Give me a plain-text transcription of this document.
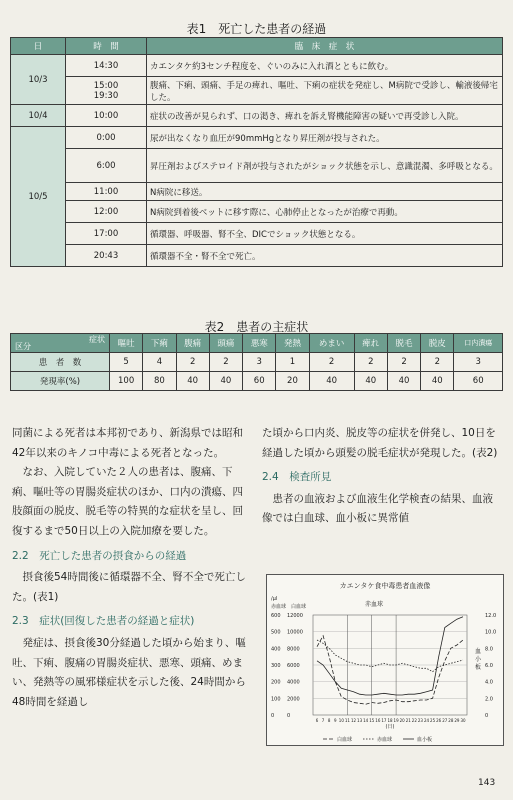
表1　死亡した患者の経過
日	時　間	臨　床　症　状
10/3	14:30	カエンタケ約3センチ程度を、ぐいのみに入れ酒とともに飲む。
	15:00
19:30	腹痛、下痢、頭痛、手足の痺れ、嘔吐、下痢の症状を発症し、M病院で受診し、輸液後帰宅した。
10/4	10:00	症状の改善が見られず、口の渇き、痺れを訴え腎機能障害の疑いで再受診し入院。
10/5	0:00	尿が出なくなり血圧が90mmHgとなり昇圧剤が投与された。
	6:00	昇圧剤およびステロイド剤が投与されたがショック状態を示し、意識混濁、多呼吸となる。
	11:00	N病院に移送。
	12:00	N病院到着後ベットに移す際に、心肺停止となったが治療で再動。
	17:00	循環器、呼吸器、腎不全、DICでショック状態となる。
	20:43	循環器不全・腎不全で死亡。
表2　患者の主症状
症状
区分	嘔吐	下痢	腹痛	頭痛	悪寒	発熱	めまい	痺れ	脱毛	脱皮	口内潰瘍
患　者　数	5	4	2	2	3	1	2	2	2	2	3
発現率(%)	100	80	40	40	60	20	40	40	40	40	60

同菌による死者は本邦初であり、新潟県では昭和42年以来のキノコ中毒による死者となった。

なお、入院していた２人の患者は、腹痛、下痢、嘔吐等の胃腸炎症状のほか、口内の潰瘍、四肢顔面の脱皮、脱毛等の特異的な症状を呈し、回復するまで50日以上の入院加療を要した。

2.2　死亡した患者の摂食からの経過

摂食後54時間後に循環器不全、腎不全で死亡した。(表1)

2.3　症状(回復した患者の経過と症状)

発症は、摂食後30分経過した頃から始まり、嘔吐、下痢、腹痛の胃腸炎症状、悪寒、頭痛、めまい、発熱等の風邪様症状を示した後、24時間から48時間を経過し

た頃から口内炎、脱皮等の症状を併発し、10日を経過した頃から頭髪の脱毛症状が発現した。(表2)

2.4　検査所見

患者の血液および血液生化学検査の結果、血液像では白血球、血小板に異常値

カエンタケ食中毒患者血液像
/μl
赤血球 白血球	赤血球
600 12000	12.0
500 10000	10.0
400 8000	8.0
300 6000	6.0
200 4000	4.0
100 2000	2.0
0	0	0
血
小
板
6 7 8 9 10 11 12 13 14 15 16 17 18 19 20 21 22 23 24 25 26 27 28 29 30
(日)
白血球	赤血球	血小板
143
